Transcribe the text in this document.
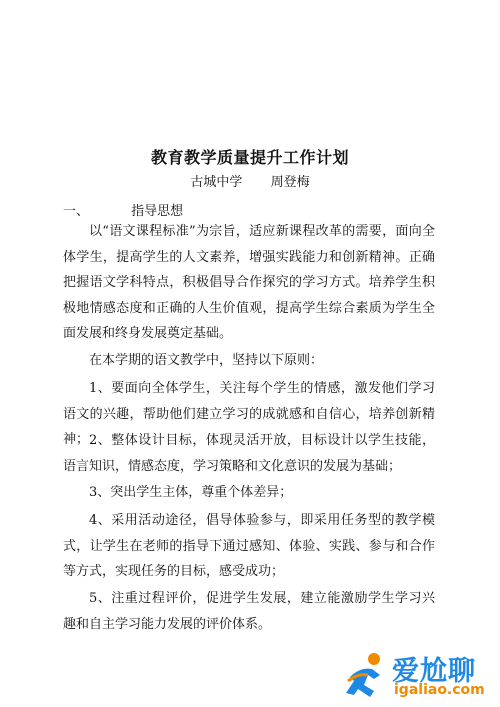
教育教学质量提升工作计划
古城中学 周登梅
一、	指导思想

以“语文课程标准”为宗旨，适应新课程改革的需要，面向全体学生，提高学生的人文素养，增强实践能力和创新精神。正确把握语文学科特点，积极倡导合作探究的学习方式。培养学生积极地情感态度和正确的人生价值观，提高学生综合素质为学生全面发展和终身发展奠定基础。

在本学期的语文教学中，坚持以下原则：

1、要面向全体学生，关注每个学生的情感，激发他们学习语文的兴趣，帮助他们建立学习的成就感和自信心，培养创新精神； 2、整体设计目标，体现灵活开放，目标设计以学生技能，语言知识，情感态度，学习策略和文化意识的发展为基础；

3、突出学生主体，尊重个体差异；

4、采用活动途径，倡导体验参与，即采用任务型的教学模式，让学生在老师的指导下通过感知、体验、实践、参与和合作等方式，实现任务的目标，感受成功；

5、注重过程评价，促进学生发展，建立能激励学生学习兴趣和自主学习能力发展的评价体系。

爱尬聊
igaliao.com
